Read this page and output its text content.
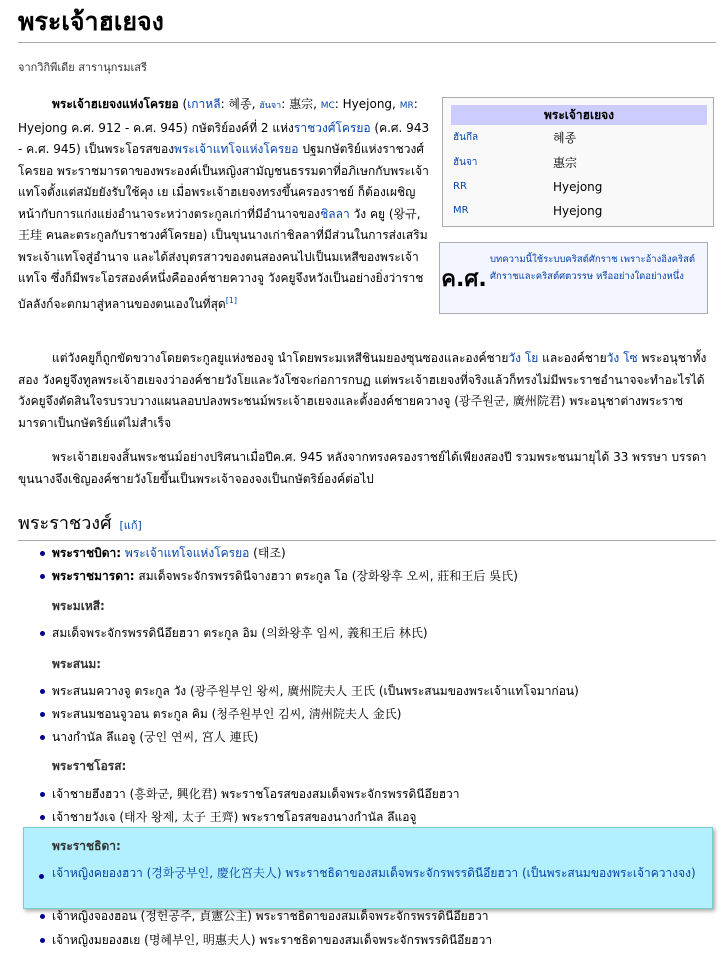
พระเจ้าฮเยจง
จากวิกิพีเดีย สารานุกรมเสรี
พระเจ้าฮเยจง
ฮันกึล	혜종
ฮันจา	惠宗
RR	Hyejong
MR	Hyejong
ค.ศ.
บทความนี้ใช้ระบบคริสต์ศักราช เพราะอ้างอิงคริสต์ศักราชและคริสต์ศตวรรษ หรืออย่างใดอย่างหนึ่ง

พระเจ้าฮเยจงแห่งโครยอ (เกาหลี: 혜종, ฮันจา: 惠宗, MC: Hyejong, MR: Hyejong ค.ศ. 912 - ค.ศ. 945) กษัตริย์องค์ที่ 2 แห่งราชวงศ์โครยอ (ค.ศ. 943 - ค.ศ. 945) เป็นพระโอรสของพระเจ้าแทโจแห่งโครยอ ปฐมกษัตริย์แห่งราชวงศ์โครยอ พระราชมารดาของพระองค์เป็นหญิงสามัญชนธรรมดาที่อภิเษกกับพระเจ้าแทโจตั้งแต่สมัยยังรับใช้คุง เย เมื่อพระเจ้าฮเยจงทรงขึ้นครองราชย์ ก็ต้องเผชิญหน้ากับการแก่งแย่งอำนาจระหว่างตระกูลเก่าที่มีอำนาจของชิลลา วัง คยู (왕규, 王珪 คนละตระกูลกับราชวงศ์โครยอ) เป็นขุนนางเก่าชิลลาที่มีส่วนในการส่งเสริมพระเจ้าแทโจสู่อำนาจ และได้ส่งบุตรสาวของตนสองคนไปเป็นมเหสีของพระเจ้าแทโจ ซึ่งก็มีพระโอรสองค์หนึ่งคือองค์ชายควางจู วังคยูจึงหวังเป็นอย่างยิ่งว่าราชบัลลังก์จะตกมาสู่หลานของตนเองในที่สุด[1]

แต่วังคยูก็ถูกขัดขวางโดยตระกูลยูแห่งชองจู นำโดยพระมเหสีชินมยองซุนซองและองค์ชายวัง โย และองค์ชายวัง โซ พระอนุชาทั้งสอง วังคยูจึงทูลพระเจ้าฮเยจงว่าองค์ชายวังโยและวังโซจะก่อการกบฏ แต่พระเจ้าฮเยจงที่จริงแล้วก็ทรงไม่มีพระราชอำนาจจะทำอะไรได้ วังคยูจึงตัดสินใจรบรวบวางแผนลอบปลงพระชนม์พระเจ้าฮเยจงและตั้งองค์ชายควางจู (광주원군, 廣州院君) พระอนุชาต่างพระราชมารดาเป็นกษัตริย์แต่ไม่สำเร็จ

พระเจ้าฮเยจงสิ้นพระชนม์อย่างปริศนาเมื่อปีค.ศ. 945 หลังจากทรงครองราชย์ได้เพียงสองปี รวมพระชนมายุได้ 33 พรรษา บรรดาขุนนางจึงเชิญองค์ชายวังโยขึ้นเป็นพระเจ้าจองจงเป็นกษัตริย์องค์ต่อไป

พระราชวงศ์ [แก้]
พระราชบิดา: พระเจ้าแทโจแห่งโครยอ (태조)
พระราชมารดา: สมเด็จพระจักรพรรดินีจางฮวา ตระกูล โอ (장화왕후 오씨, 莊和王后 吳氏)
พระมเหสี:
สมเด็จพระจักรพรรดินีอึยฮวา ตระกูล อิม (의화왕후 임씨, 義和王后 林氏)
พระสนม:
พระสนมควางจู ตระกูล วัง (광주원부인 왕씨, 廣州院夫人 王氏 (เป็นพระสนมของพระเจ้าแทโจมาก่อน)
พระสนมชอนจูวอน ตระกูล คิม (청주원부인 김씨, 淸州院夫人 金氏)
นางกำนัล ลึแอจู (궁인 연씨, 宮人 連氏)
พระราชโอรส:
เจ้าชายฮึงฮวา (흥화군, 興化君) พระราชโอรสของสมเด็จพระจักรพรรดินีอึยฮวา
เจ้าชายวังเจ (태자 왕제, 太子 王齊) พระราชโอรสของนางกำนัล ลึแอจู
เจ้าหญิงจองฮอน (정헌공주, 貞憲公主) พระราชธิดาของสมเด็จพระจักรพรรดินีอึยฮวา
เจ้าหญิงมยองฮเย (명혜부인, 明惠夫人) พระราชธิดาของสมเด็จพระจักรพรรดินีอึยฮวา
พระราชธิดา:
เจ้าหญิงคยองฮวา (경화궁부인, 慶化宮夫人) พระราชธิดาของสมเด็จพระจักรพรรดินีอึยฮวา (เป็นพระสนมของพระเจ้าควางจง)
